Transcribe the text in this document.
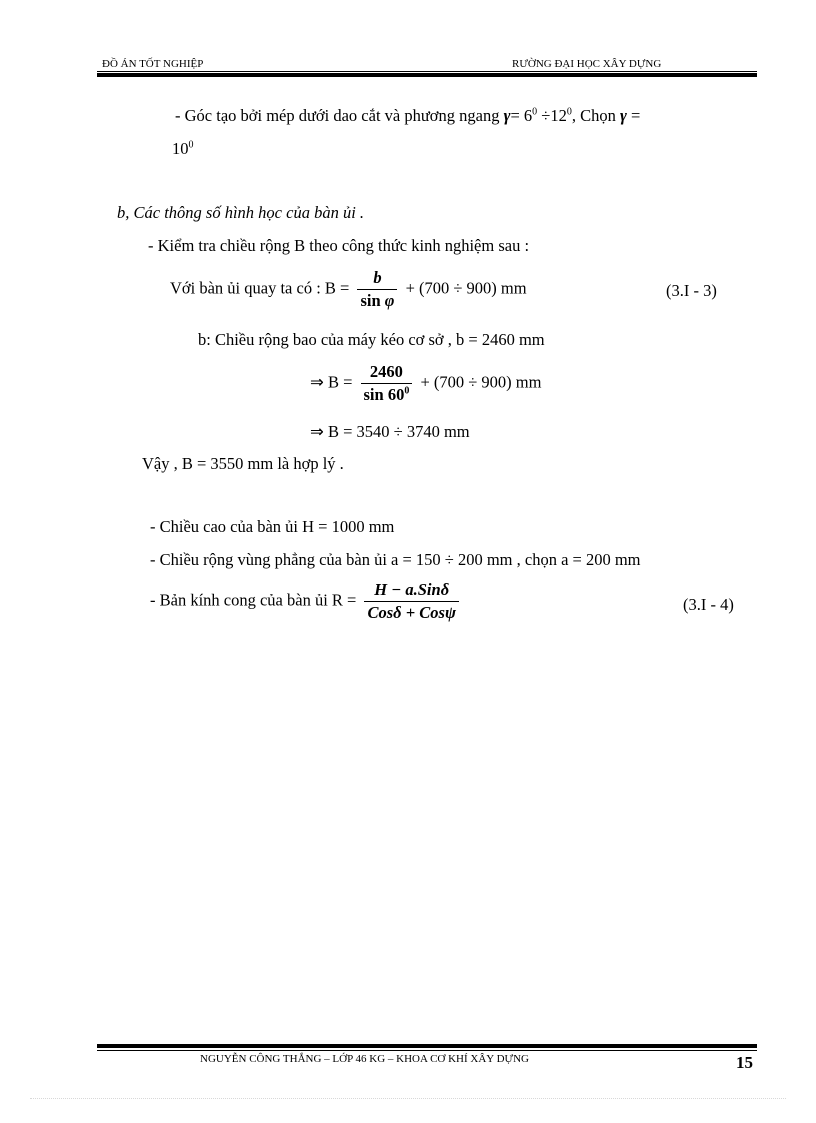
ĐỒ ÁN TỐT NGHIỆP	RƯỜNG ĐẠI HỌC XÂY DỰNG
- Góc tạo bởi mép dưới dao cắt và phương ngang $\gamma= 6^0 \div 12^0$, Chọn γ =
$10^0$
b, Các thông số hình học của bàn ủi .
- Kiểm tra chiều rộng B theo công thức kinh nghiệm sau :
Với bàn ủi quay ta có : $B = \frac{b}{\text{sin φ}} + (700 \div 900)$ mm	(3.I - 3)
b: Chiều rộng bao của máy kéo cơ sở , b = 2460 mm
⇒ $B = \frac{2460}{\sin 60^0} + (700 \div 900)$ mm
⇒ B = 3540 ÷ 3740 mm
Vậy , B = 3550 mm là hợp lý .
- Chiều cao của bàn ủi H = 1000 mm
- Chiều rộng vùng phẳng của bàn ủi a = 150 ÷ 200 mm , chọn a = 200 mm
- Bản kính cong của bàn ủi $R = \frac{\text{H − a.Sinδ}}{\text{Cosδ + Cosψ}}$	(3.I - 4)
NGUYỄN CÔNG THẮNG – LỚP 46 KG – KHOA CƠ KHÍ XÂY DỰNG	15
